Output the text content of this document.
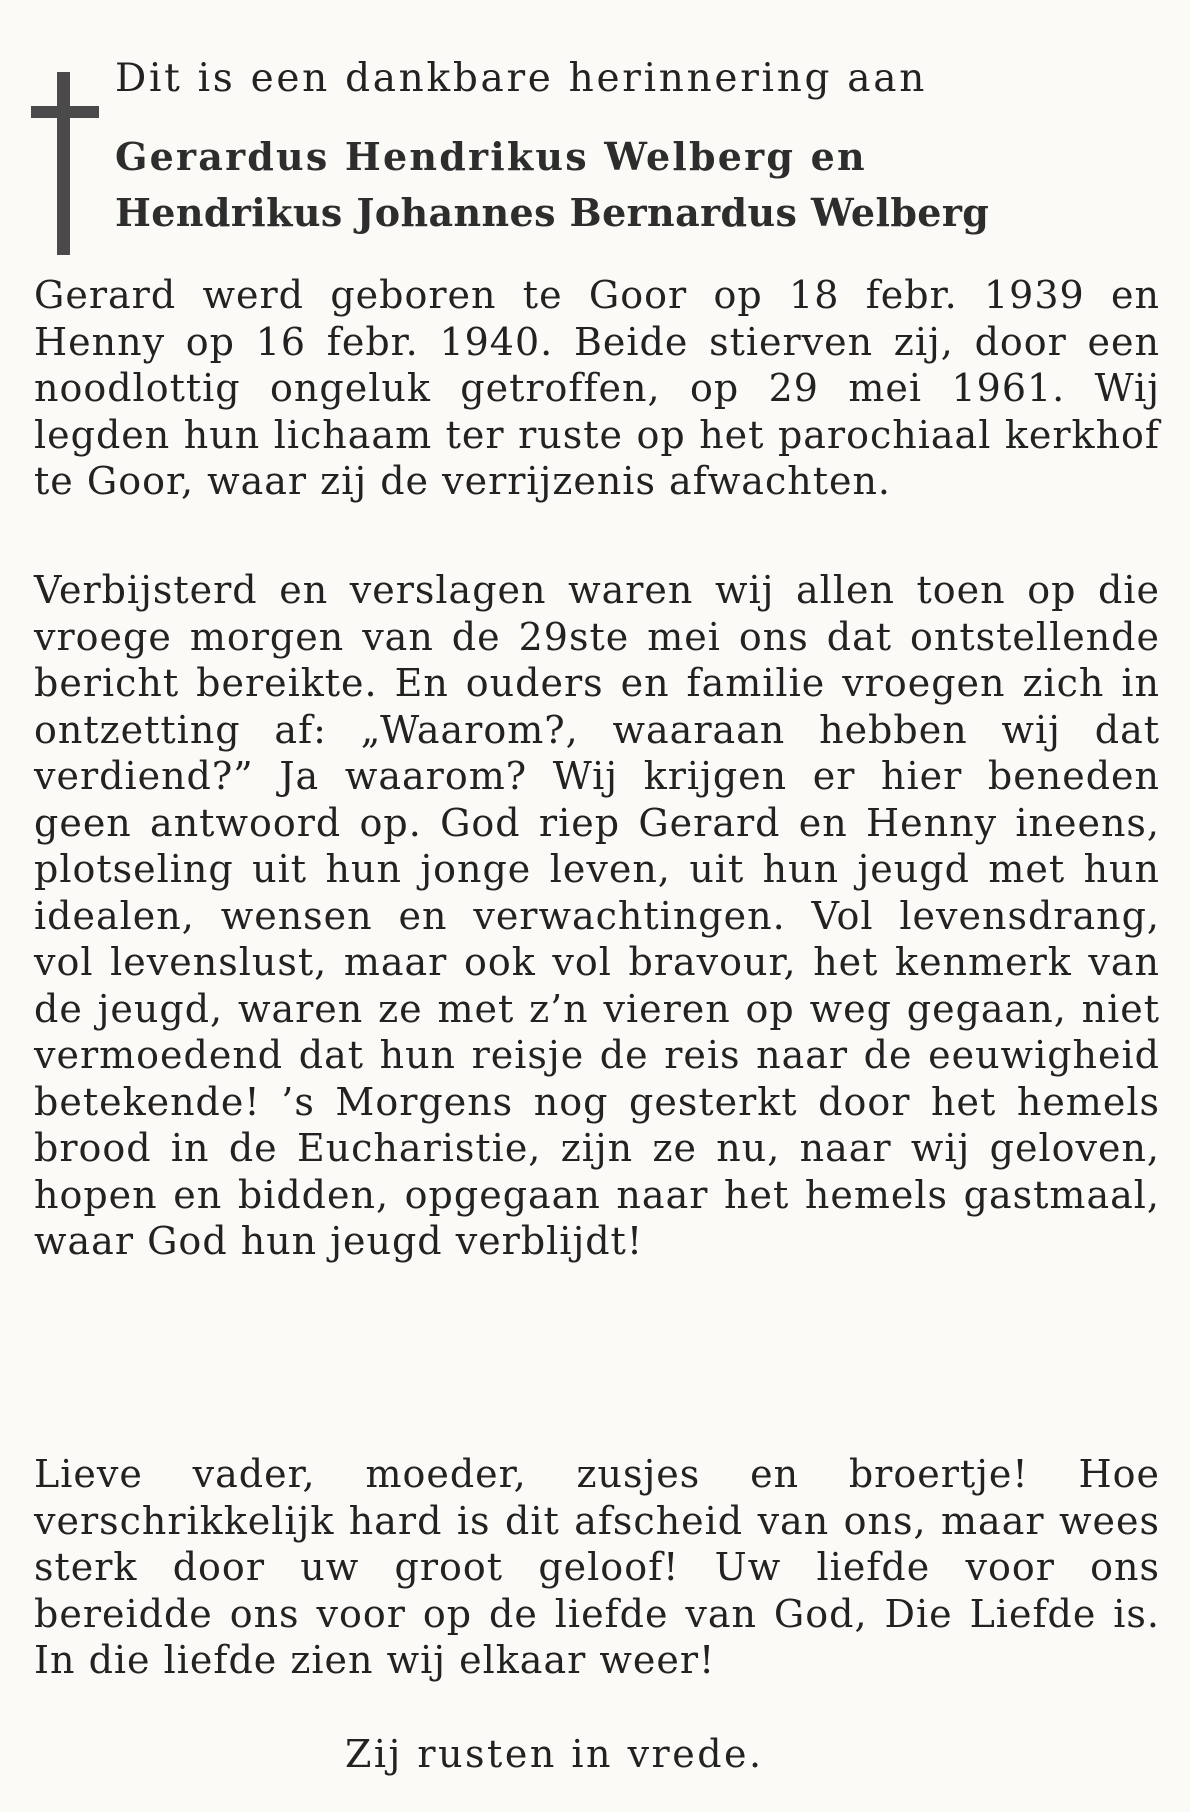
Dit is een dankbare herinnering aan

Gerardus Hendrikus Welberg en

Hendrikus Johannes Bernardus Welberg

Gerard werd geboren te Goor op 18 febr. 1939 en Henny op 16 febr. 1940. Beide stierven zij, door een noodlottig ongeluk getroffen, op 29 mei 1961. Wij legden hun lichaam ter ruste op het parochiaal kerkhof te Goor, waar zij de verrijzenis afwachten.

Verbijsterd en verslagen waren wij allen toen op die vroege morgen van de 29ste mei ons dat ontstellende bericht bereikte. En ouders en familie vroegen zich in ontzetting af: „Waarom?, waaraan hebben wij dat verdiend?” Ja waarom? Wij krijgen er hier beneden geen antwoord op. God riep Gerard en Henny ineens, plotseling uit hun jonge leven, uit hun jeugd met hun idealen, wensen en verwachtingen. Vol levensdrang, vol levenslust, maar ook vol bravour, het kenmerk van de jeugd, waren ze met z’n vieren op weg gegaan, niet vermoedend dat hun reisje de reis naar de eeuwigheid betekende! ’s Morgens nog gesterkt door het hemels brood in de Eucharistie, zijn ze nu, naar wij geloven, hopen en bidden, opgegaan naar het hemels gastmaal, waar God hun jeugd verblijdt!

Lieve vader, moeder, zusjes en broertje! Hoe verschrikkelijk hard is dit afscheid van ons, maar wees sterk door uw groot geloof! Uw liefde voor ons bereidde ons voor op de liefde van God, Die Liefde is. In die liefde zien wij elkaar weer!

Zij rusten in vrede.
